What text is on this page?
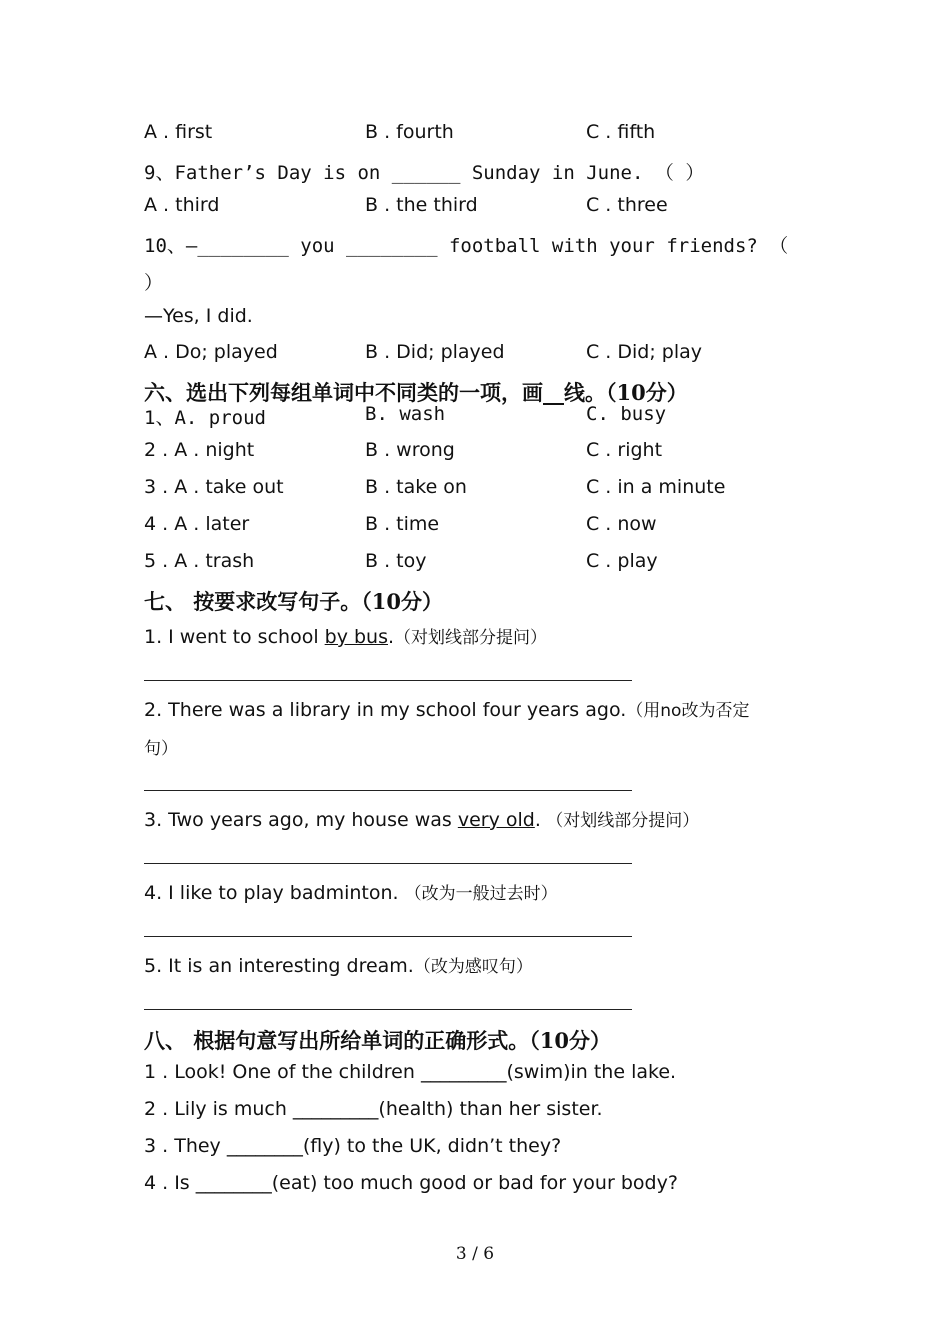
A . first	B . fourth	C . fifth
9、Father’s Day is on ______ Sunday in June. （ ）
A . third	B . the third	C . three
10、—________ you ________ football with your friends? （
）
—Yes, I did.
A . Do; played	B . Did; played	C . Did; play
六、选出下列每组单词中不同类的一项，画__线。（10分）
1、A. proud	B. wash	C. busy
2 . A . night	B . wrong	C . right
3 . A . take out	B . take on	C . in a minute
4 . A . later	B . time	C . now
5 . A . trash	B . toy	C . play
七、 按要求改写句子。（10分）
1. I went to school by bus.（对划线部分提问）
2. There was a library in my school four years ago.（用no改为否定
句）
3. Two years ago, my house was very old. （对划线部分提问）
4. I like to play badminton. （改为一般过去时）
5. It is an interesting dream.（改为感叹句）
八、 根据句意写出所给单词的正确形式。（10分）
1 . Look! One of the children _________(swim)in the lake.
2 . Lily is much _________(health) than her sister.
3 . They ________(fly) to the UK, didn’t they?
4 . Is ________(eat) too much good or bad for your body?
3 / 6
